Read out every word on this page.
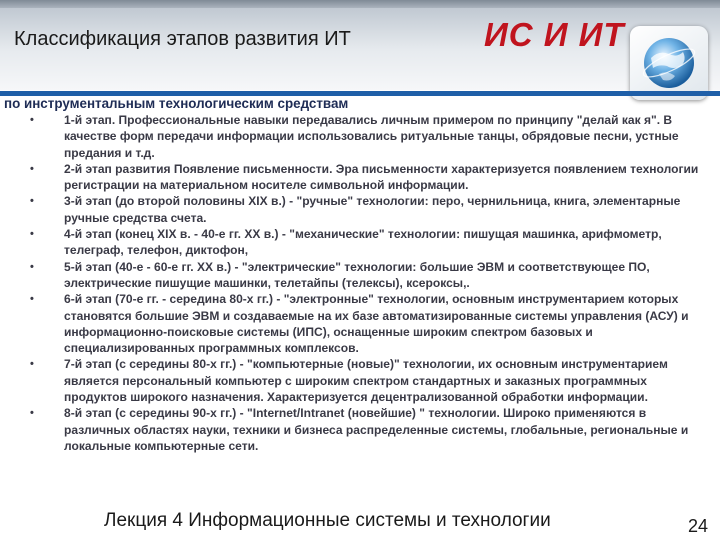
Классификация этапов развития ИТ	ИС И ИТ
по инструментальным технологическим средствам
•	1-й этап. Профессиональные навыки передавались личным примером по принципу "делай как я". В качестве форм передачи информации использовались ритуальные танцы, обрядовые песни, устные предания и т.д.
•	2-й этап развития Появление письменности. Эра письменности характеризуется появлением технологии регистрации на материальном носителе символьной информации.
•	3-й этап (до второй половины XIX в.) - "ручные" технологии: перо, чернильница, книга, элементарные ручные средства счета.
•	4-й этап (конец XIX в. - 40-е гг. XX в.) - "механические" технологии: пишущая машинка, арифмометр, телеграф, телефон, диктофон,
•	5-й этап (40-е - 60-е гг. XX в.) - "электрические" технологии: большие ЭВМ и соответствующее ПО, электрические пишущие машинки, телетайпы (телексы), ксероксы,.
•	6-й этап (70-е гг. - середина 80-х гг.) - "электронные" технологии, основным инструментарием которых становятся большие ЭВМ и создаваемые на их базе автоматизированные системы управления (АСУ) и информационно-поисковые системы (ИПС), оснащенные широким спектром базовых и специализированных программных комплексов.
•	7-й этап (с середины 80-х гг.) - "компьютерные (новые)" технологии, их основным инструментарием является персональный компьютер с широким спектром стандартных и заказных программных продуктов широкого назначения. Характеризуется децентрализованной обработки информации.
•	8-й этап (с середины 90-х гг.) - "Internet/Intranet (новейшие) " технологии. Широко применяются в различных областях науки, техники и бизнеса распределенные системы, глобальные, региональные и локальные компьютерные сети.
Лекция 4 Информационные системы и технологии	24
